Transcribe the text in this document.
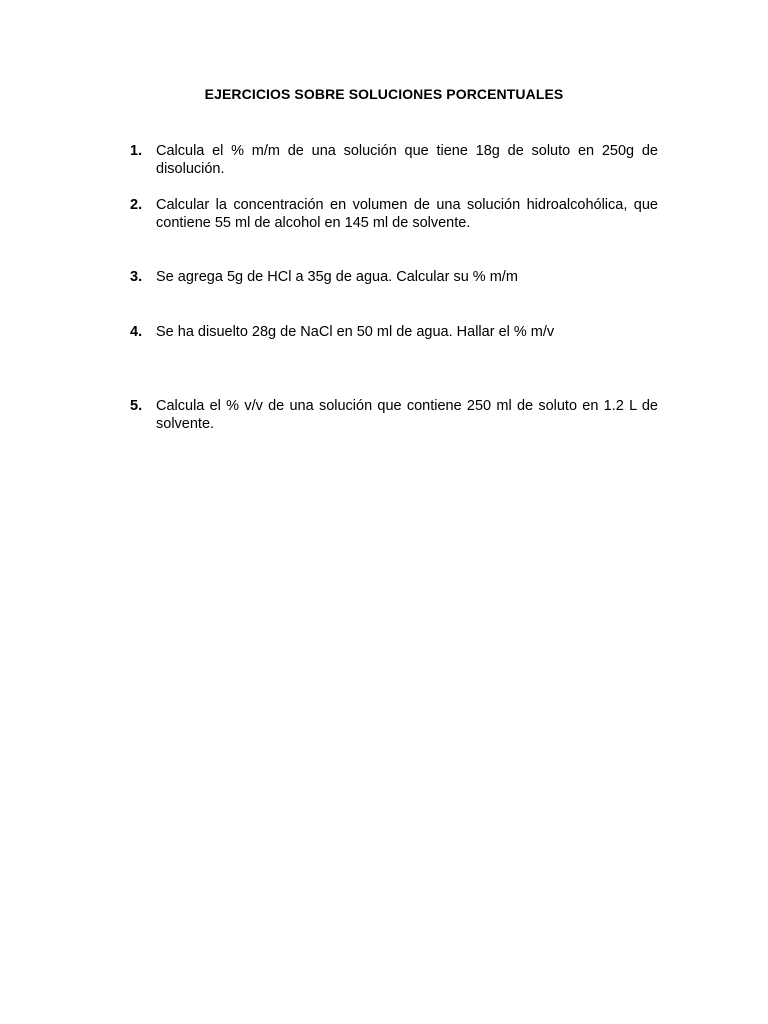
EJERCICIOS SOBRE SOLUCIONES PORCENTUALES
1. Calcula el % m/m de una solución que tiene 18g de soluto en 250g de disolución.
2. Calcular la concentración en volumen de una solución hidroalcohólica, que contiene 55 ml de alcohol en 145 ml de solvente.
3. Se agrega 5g de HCl a 35g de agua. Calcular su % m/m
4. Se ha disuelto 28g de NaCl en 50 ml de agua. Hallar el % m/v
5. Calcula el % v/v de una solución que contiene 250 ml de soluto en 1.2 L de solvente.
